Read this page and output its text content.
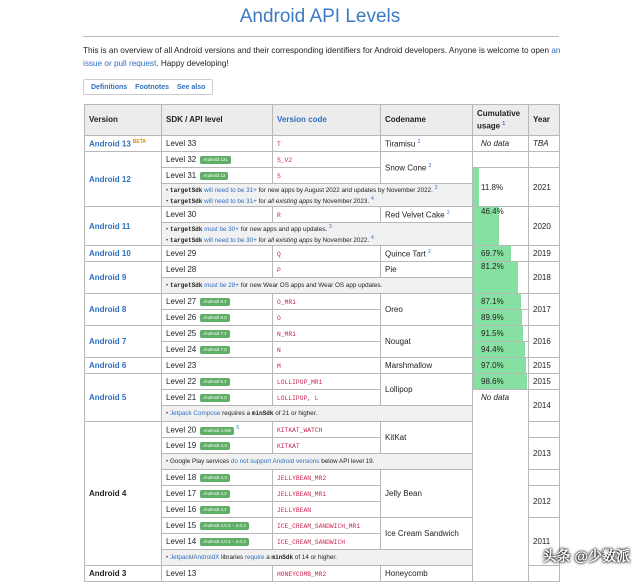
Android API Levels
This is an overview of all Android versions and their corresponding identifiers for Android developers. Anyone is welcome to open an issue or pull request. Happy developing!
Definitions Footnotes See also
Version	SDK / API level	Version code	Codename	Cumulative usage $^1$	Year
Android 13 $^{BETA}$	Level 33	T	Tiramisu $^2$	No data	TBA
Android 12	Level 32 Android 12L	S_V2	Snow Cone $^2$		
	Level 31 Android 12	S		11.8%	2021

	• targetSdk will need to be 31+ for new apps by August 2022 and updates by November 2022. $^3$
• targetSdk will need to be 31+ for all existing apps by November 2023. $^4$

Android 11	Level 30	R	Red Velvet Cake $^2$	46.4%	2020

	• targetSdk must be 30+ for new apps and app updates. $^3$
• targetSdk will need to be 30+ for all existing apps by November 2022. $^4$

Android 10	Level 29	Q	Quince Tart $^2$	69.7%	2019
Android 9	Level 28	P	Pie	81.2%	2018

	• targetSdk must be 28+ for new Wear OS apps and Wear OS app updates.

Android 8	Level 27 Android 8.1	O_MR1	Oreo	87.1%	2017
	Level 26 Android 8.0	O		89.9%	
Android 7	Level 25 Android 7.1	N_MR1	Nougat	91.5%	2016
	Level 24 Android 7.0	N		94.4%	
Android 6	Level 23	M	Marshmallow	97.0%	2015
Android 5	Level 22 Android 5.1	LOLLIPOP_MR1	Lollipop	98.6%	2015
	Level 21 Android 5.0	LOLLIPOP, L		No data	2014

	• Jetpack Compose requires a minSdk of 21 or higher.

Android 4	Level 20 Android 4.4W $^5$	KITKAT_WATCH	KitKat		
	Level 19 Android 4.4	KITKAT			2013

	• Google Play services do not support Android versions below API level 19.

	Level 18 Android 4.3	JELLYBEAN_MR2	Jelly Bean		
	Level 17 Android 4.2	JELLYBEAN_MR1			2012
	Level 16 Android 4.1	JELLYBEAN			
	Level 15 Android 4.0.3 – 4.0.4	ICE_CREAM_SANDWICH_MR1	Ice Cream Sandwich		2011
	Level 14 Android 4.0.1 – 4.0.2	ICE_CREAM_SANDWICH			

	• Jetpack/AndroidX libraries require a minSdk of 14 or higher.

Android 3	Level 13	HONEYCOMB_MR2	Honeycomb		
头条 @少数派
